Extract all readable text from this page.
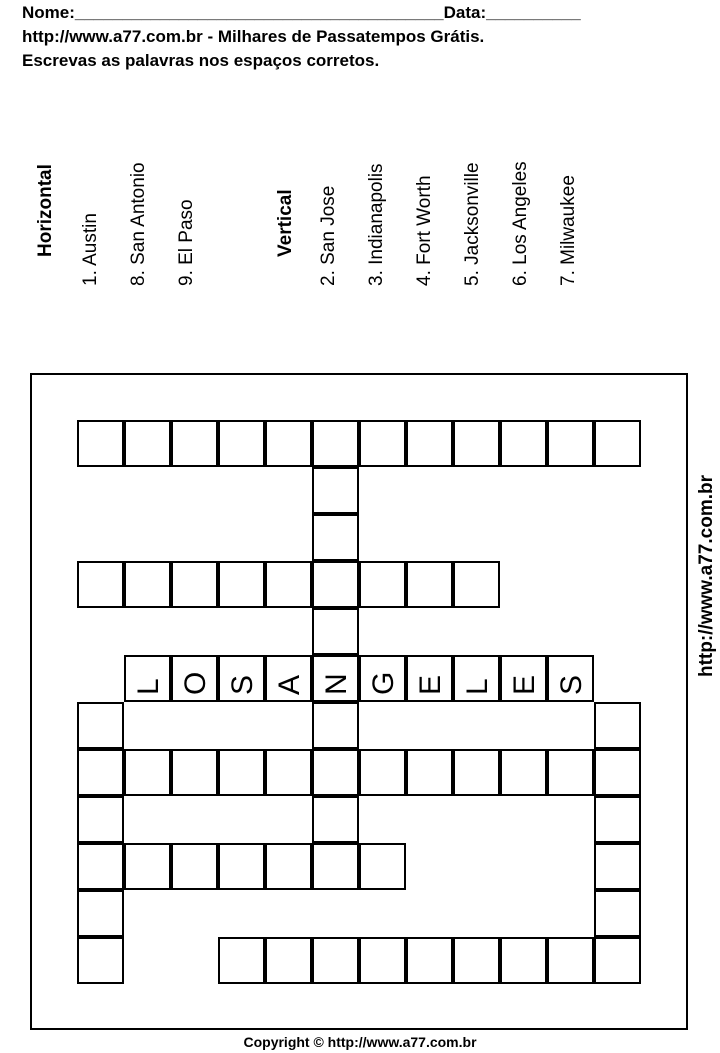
Nome:_______________________________________Data:__________
http://www.a77.com.br - Milhares de Passatempos Grátis.
Escrevas as palavras nos espaços corretos.
Horizontal 1. Austin 8. San Antonio 9. El Paso	Vertical 2. San Jose 3. Indianapolis 4. Fort Worth 5. Jacksonville 6. Los Angeles 7. Milwaukee
L O S A N G E L E S
http://www.a77.com.br
Copyright © http://www.a77.com.br
